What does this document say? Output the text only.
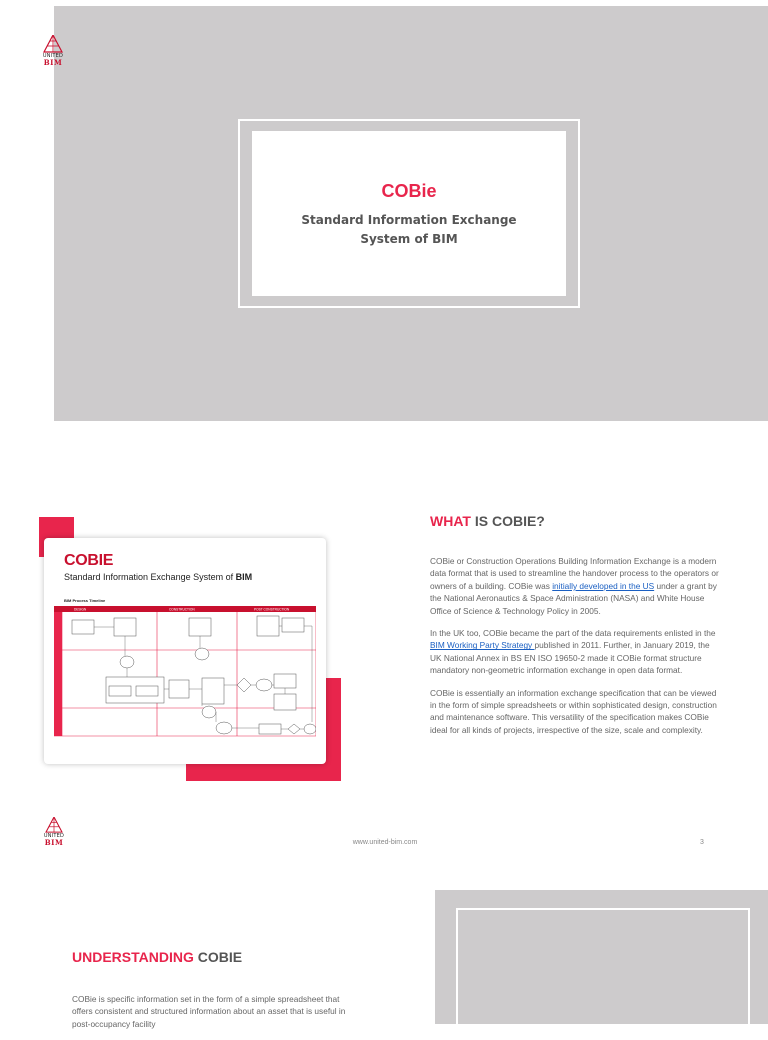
UNITED
BIM
COBie
Standard Information Exchange
System of BIM
COBIE
Standard Information Exchange System of BIM
BIM Process Timeline
DESIGN	CONSTRUCTION	POST CONSTRUCTION
WHAT IS COBIE?

COBie or Construction Operations Building Information Exchange is a modern data format that is used to streamline the handover process to the operators or owners of a building. COBie was initially developed in the US under a grant by the National Aeronautics & Space Administration (NASA) and White House Office of Science & Technology Policy in 2005.

In the UK too, COBie became the part of the data requirements enlisted in the BIM Working Party Strategy published in 2011. Further, in January 2019, the UK National Annex in BS EN ISO 19650-2 made it COBie format structure mandatory non-geometric information exchange in open data format.

COBie is essentially an information exchange specification that can be viewed in the form of simple spreadsheets or within sophisticated design, construction and maintenance software. This versatility of the specification makes COBie ideal for all kinds of projects, irrespective of the size, scale and complexity.

UNITED
BIM	www.united-bim.com	3
UNDERSTANDING COBIE

COBie is specific information set in the form of a simple spreadsheet that offers consistent and structured information about an asset that is useful in post-occupancy facility
